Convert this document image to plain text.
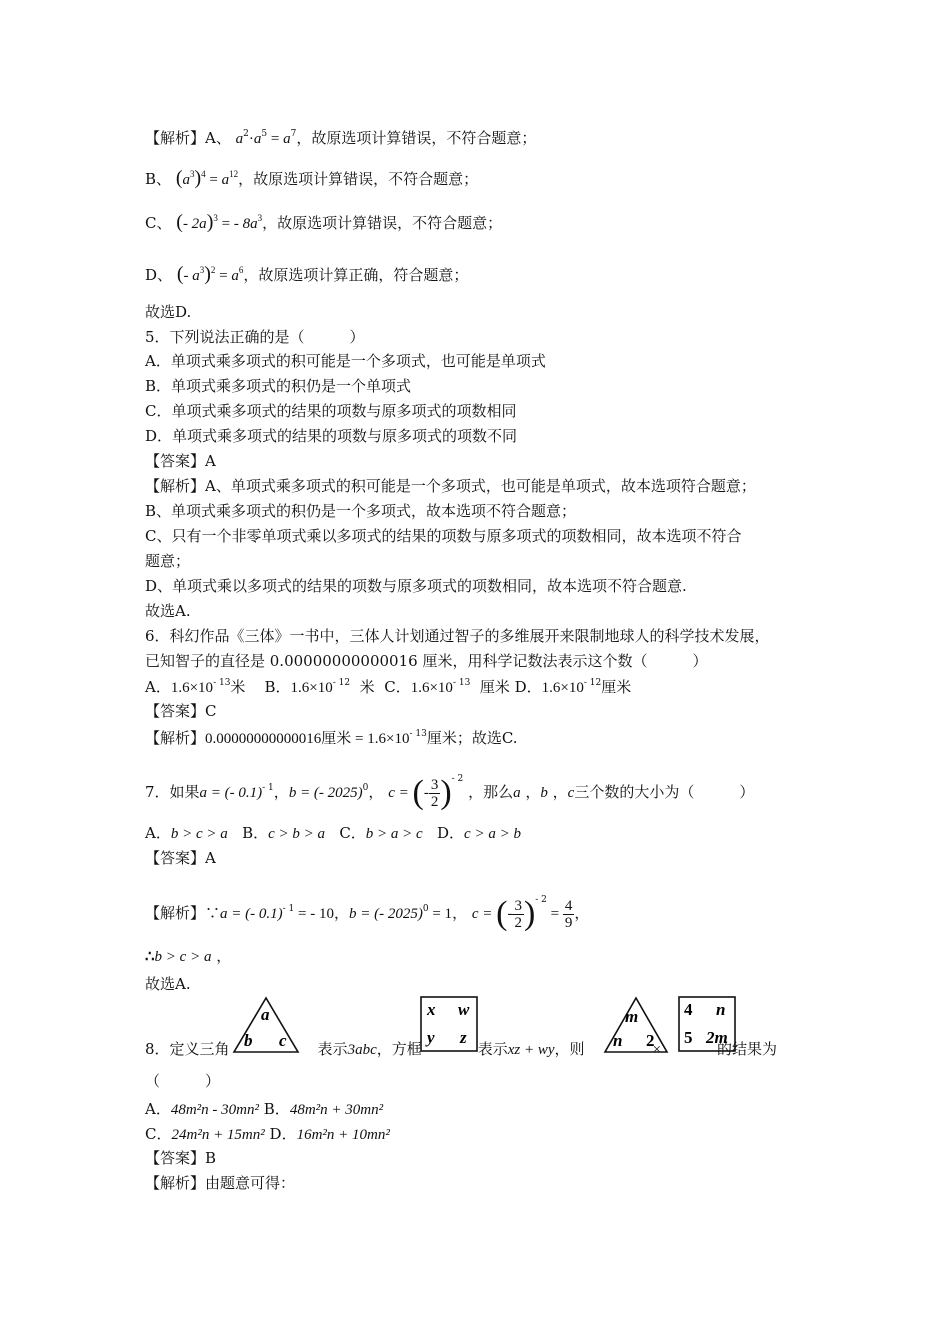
【解析】A、 $a^2\cdot a^5 = a^7$，故原选项计算错误，不符合题意；
B、 $(a^3)^4 = a^{12}$，故原选项计算错误，不符合题意；
C、 (- 2a)$^3$ = - $8a^3$，故原选项计算错误，不符合题意；
D、 (- $a^3)^2 = a^6$，故原选项计算正确，符合题意；
故选D.
5．下列说法正确的是（　　　）
A．单项式乘多项式的积可能是一个多项式，也可能是单项式
B．单项式乘多项式的积仍是一个单项式
C．单项式乘多项式的结果的项数与原多项式的项数相同
D．单项式乘多项式的结果的项数与原多项式的项数不同
【答案】A
【解析】A、单项式乘多项式的积可能是一个多项式，也可能是单项式，故本选项符合题意；
B、单项式乘多项式的积仍是一个多项式，故本选项不符合题意；
C、只有一个非零单项式乘以多项式的结果的项数与原多项式的项数相同，故本选项不符合
题意；
D、单项式乘以多项式的结果的项数与原多项式的项数相同，故本选项不符合题意.
故选A.
6．科幻作品《三体》一书中，三体人计划通过智子的多维展开来限制地球人的科学技术发展，
已知智子的直径是 0.00000000000016 厘米，用科学记数法表示这个数（　　　）
A．$1.6\times 10^{- 13}$米 B．$1.6\times 10^{- 12}$ 米 C．$1.6\times 10^{- 13}$ 厘米 D．$1.6\times 10^{- 12}$厘米
【答案】C
【解析】0.00000000000016厘米 = $1.6\times 10^{- 13}$厘米；故选C.
7．如果a = (- 0.1)$^{- 1}$，b = (- 2025)$^0$， c = (- $\frac{3}{2} )^{- 2}$ ，那么a ，b ，c三个数的大小为（　　　）
A．b > c > a B．c > b > a C．b > a > c D．c > a > b
【答案】A
【解析】∵a = (- 0.1)$^{- 1}$ = - 10，b = (- 2025)$^0$ = 1， c = (- $\frac{3}{2} )^{- 2} = \frac{4}{9}$ ，
∴b > c > a ，
故选A.
8．定义三角	表示3abc，方框	表示xz + wy，则	×	的结果为
a
b c
x w
y z
m
n 2
4 n
5 2m
（　　　）
A．48m²n - 30mn² B．48m²n + 30mn²
C．24m²n + 15mn² D．16m²n + 10mn²
【答案】B
【解析】由题意可得：
